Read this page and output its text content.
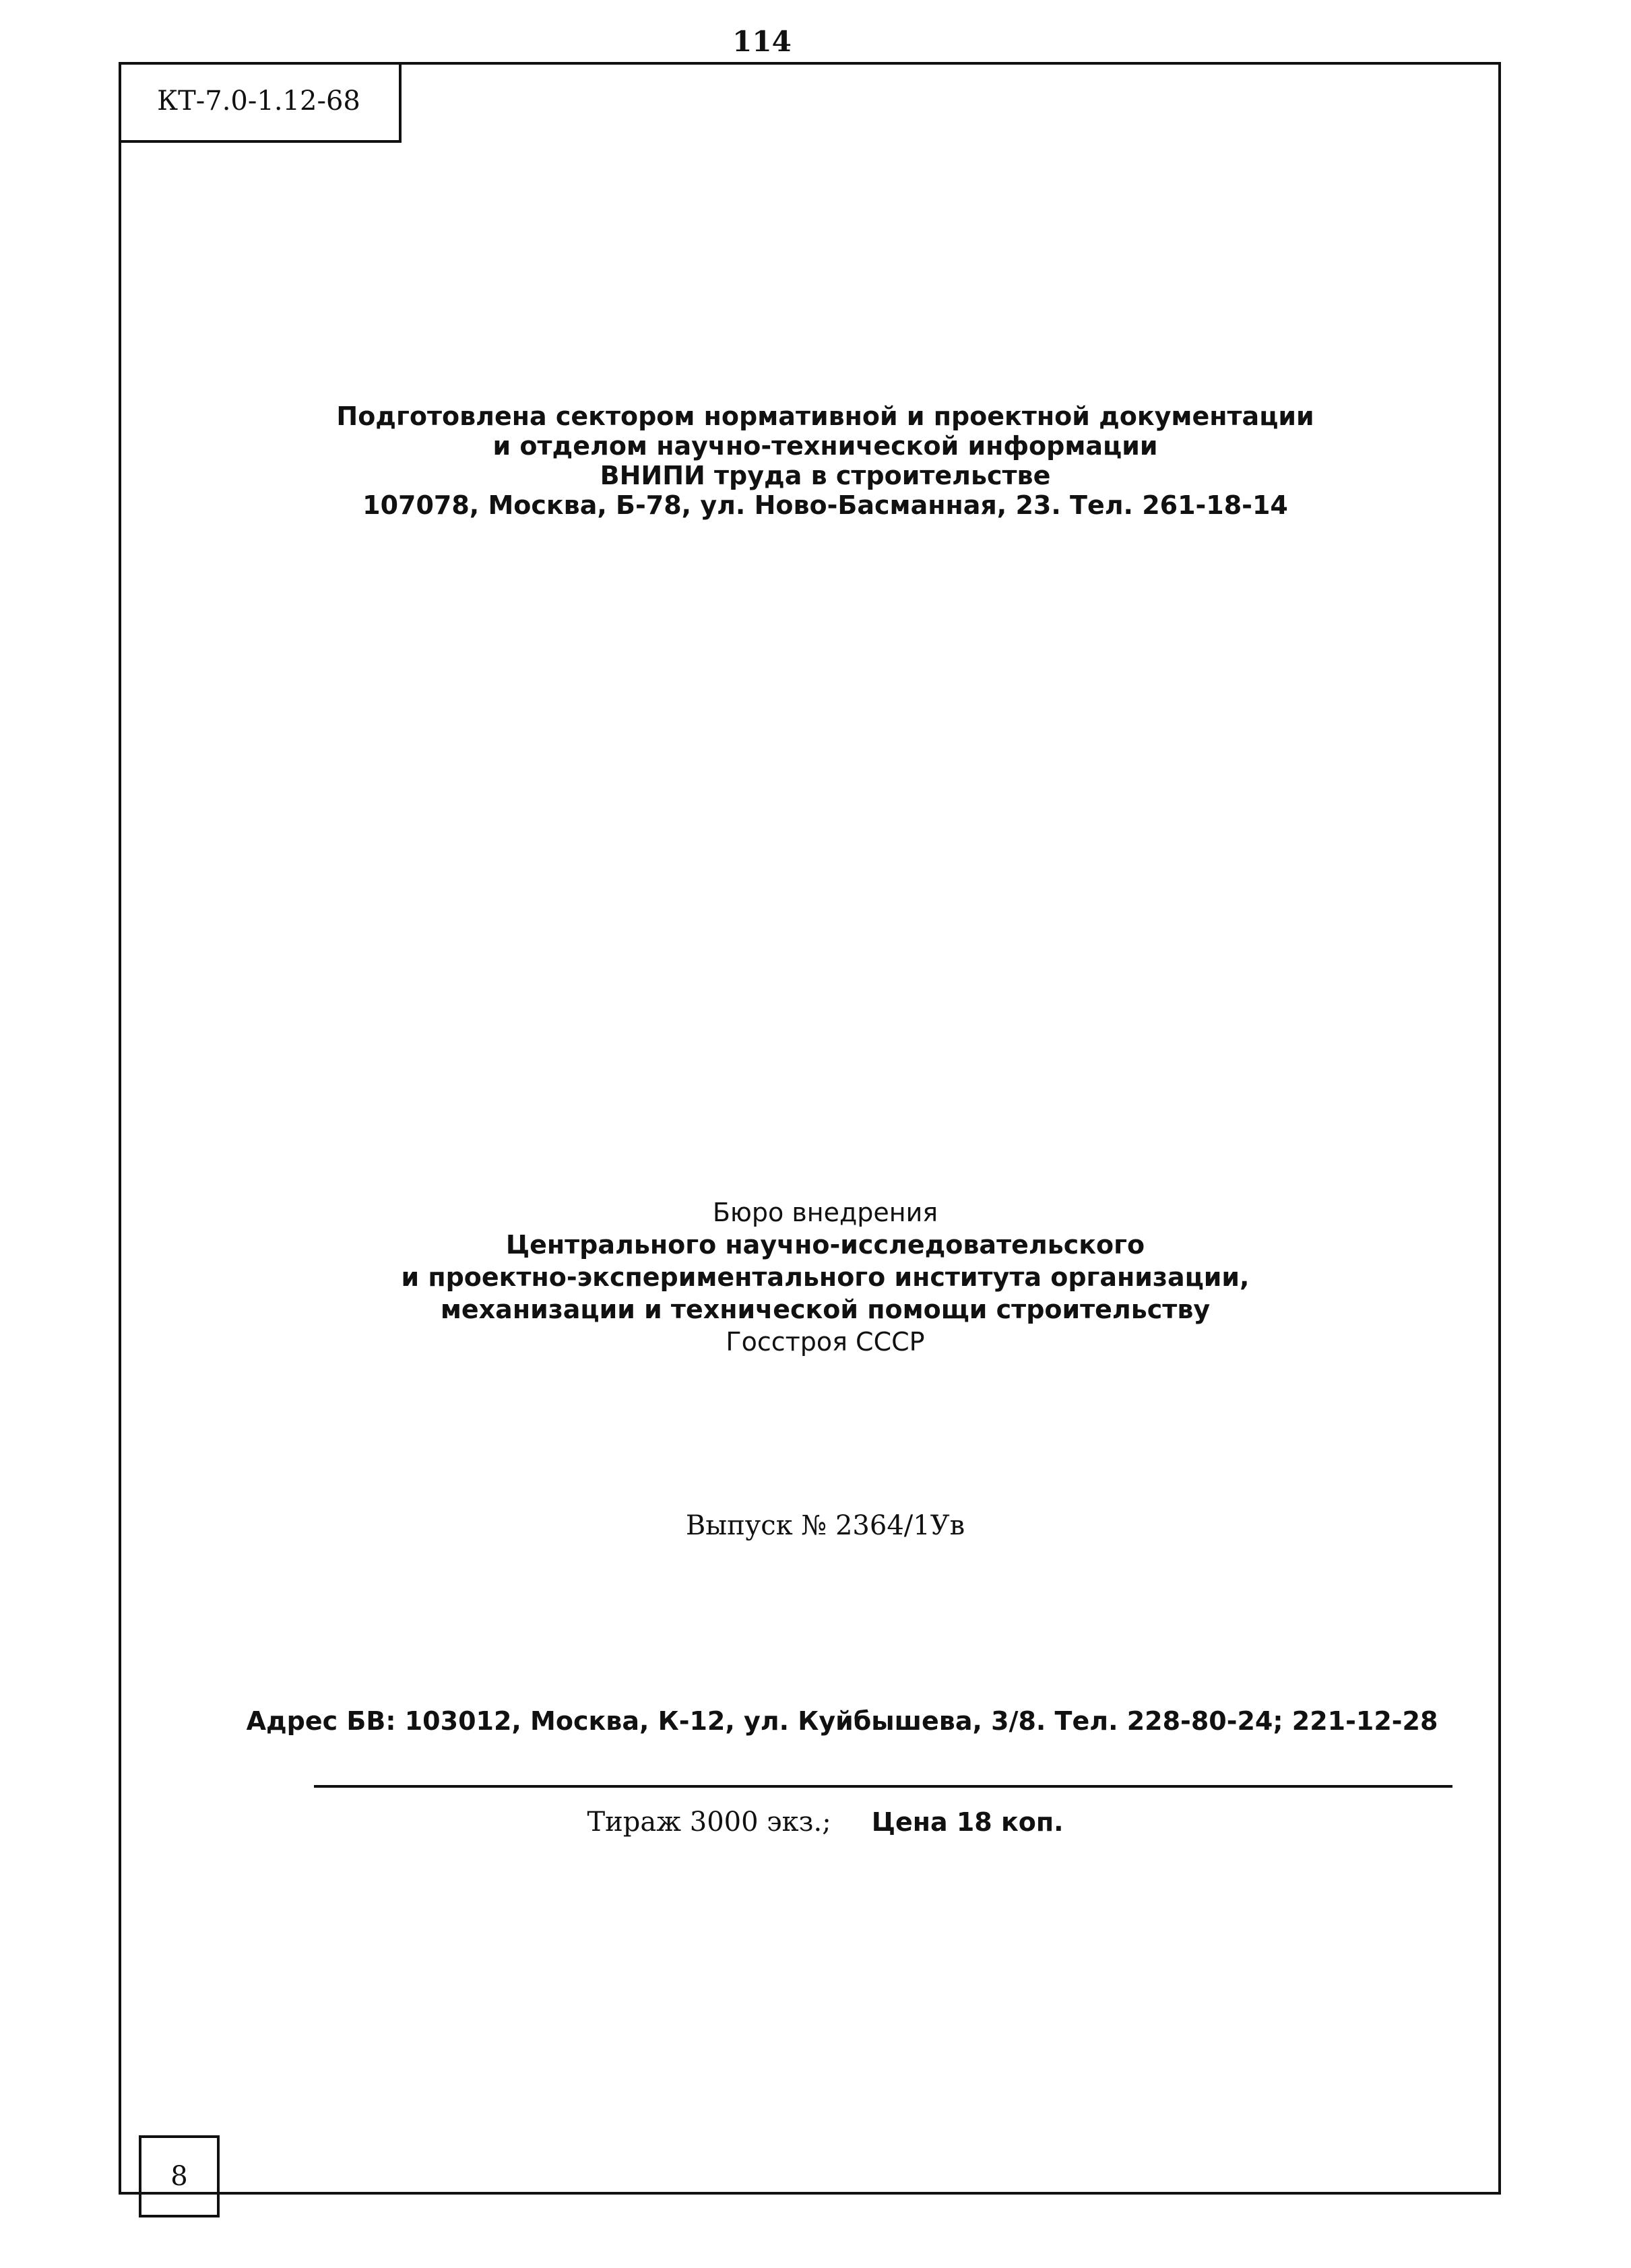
114
КТ-7.0-1.12-68
Подготовлена сектором нормативной и проектной документации
и отделом научно-технической информации
ВНИПИ труда в строительстве
107078, Москва, Б-78, ул. Ново-Басманная, 23. Тел. 261-18-14
Бюро внедрения
Центрального научно-исследовательского
и проектно-экспериментального института организации,
механизации и технической помощи строительству
Госстроя СССР
Выпуск № 2364/1Ув
Адрес БВ: 103012, Москва, К-12, ул. Куйбышева, 3/8. Тел. 228-80-24; 221-12-28
Тираж 3000 экз.; Цена 18 коп.
8
